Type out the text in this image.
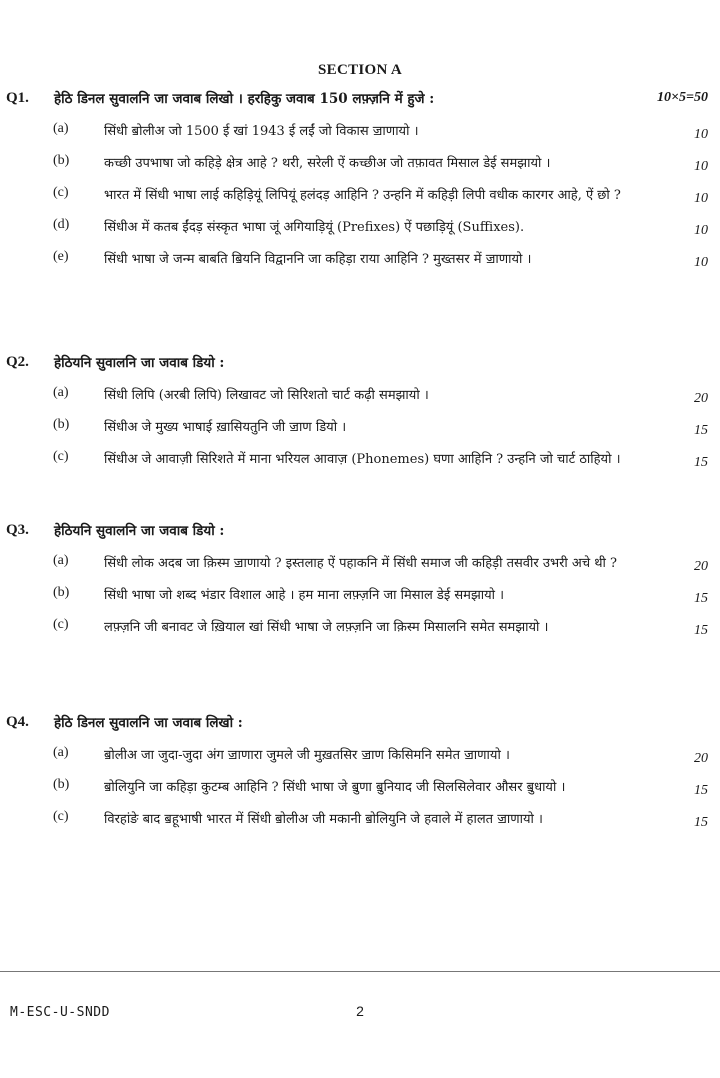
SECTION A
Q1. हेठि डिनल सुवालनि जा जवाब लिखो । हरहिकु जवाब 150 लफ़्ज़नि में हुजे :	10×5=50
(a)	सिंधी ॿोलीअ जो 1500 ई खां 1943 ई लईं जो विकास ॼाणायो ।	10
(b)	कच्छी उपभाषा जो कहिड़े क्षेत्र आहे ? थरी, सरेली ऐं कच्छीअ जो तफ़ावत मिसाल डेई समझायो ।	10
(c)	भारत में सिंधी भाषा लाई कहिड़ियूं लिपियूं हलंदड़ आहिनि ? उन्हनि में कहिड़ी लिपी वधीक कारगर आहे, ऐं छो ?	10
(d)	सिंधीअ में कतब ईंदड़ संस्कृत भाषा जूं अगियाड़ियूं (Prefixes) ऐं पछाड़ियूं (Suffixes).	10
(e)	सिंधी भाषा जे जन्म बाबति ॿियनि विद्वाननि जा कहिड़ा राया आहिनि ? मुख्तसर में ॼाणायो ।	10
Q2. हेठियनि सुवालनि जा जवाब डियो :
(a)	सिंधी लिपि (अरबी लिपि) लिखावट जो सिरिशतो चार्ट कढ़ी समझायो ।	20
(b)	सिंधीअ जे मुख्य भाषाई ख़ासियतुनि जी ॼाण डियो ।	15
(c)	सिंधीअ जे आवाज़ी सिरिशते में माना भरियल आवाज़ (Phonemes) घणा आहिनि ? उन्हनि जो चार्ट ठाहियो ।	15
Q3. हेठियनि सुवालनि जा जवाब डियो :
(a)	सिंधी लोक अदब जा क़िस्म ॼाणायो ? इस्तलाह ऐं पहाकनि में सिंधी समाज जी कहिड़ी तसवीर उभरी अचे थी ?	20
(b)	सिंधी भाषा जो शब्द भंडार विशाल आहे । हम माना लफ़्ज़नि जा मिसाल डेई समझायो ।	15
(c)	लफ़्ज़नि जी बनावट जे ख़ियाल खां सिंधी भाषा जे लफ़्ज़नि जा क़िस्म मिसालनि समेत समझायो ।	15
Q4. हेठि डिनल सुवालनि जा जवाब लिखो :
(a)	ॿोलीअ जा जुदा-जुदा अंग ॼाणारा जुमले जी मुख़तसिर ॼाण किसिमनि समेत ॼाणायो ।	20
(b)	ॿोलियुनि जा कहिड़ा कुटम्ब आहिनि ? सिंधी भाषा जे ॿुणा ॿुनियाद जी सिलसिलेवार औसर ॿुधायो ।	15
(c)	विरहांङे बाद ॿहूभाषी भारत में सिंधी ॿोलीअ जी मकानी ॿोलियुनि जे हवाले में हालत ॼाणायो ।	15
M-ESC-U-SNDD	2
